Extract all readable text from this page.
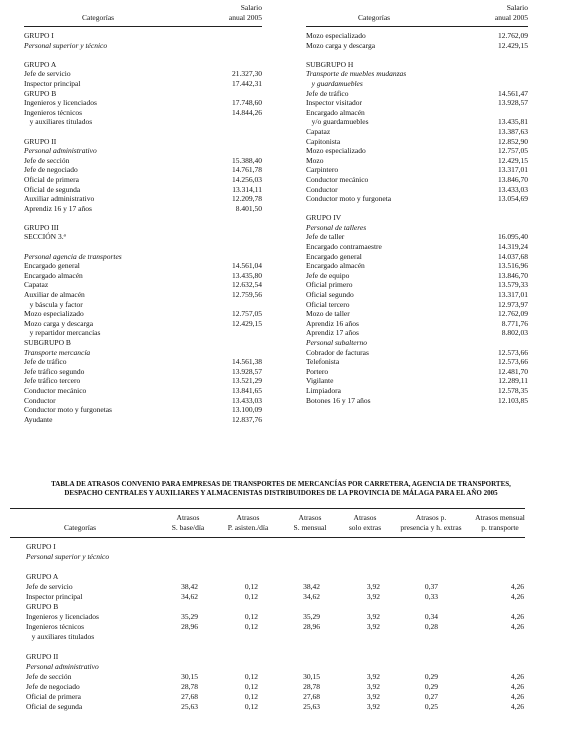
Categorías
Salario
anual 2005
GRUPO I
Personal superior y técnico
GRUPO A
Jefe de servicio	21.327,30
Inspector principal	17.442,31
GRUPO B
Ingenieros y licenciados	17.748,60
Ingenieros técnicos	14.844,26
y auxiliares titulados
GRUPO II
Personal administrativo
Jefe de sección	15.388,40
Jefe de negociado	14.761,78
Oficial de primera	14.256,03
Oficial de segunda	13.314,11
Auxiliar administrativo	12.209,78
Aprendiz 16 y 17 años	8.401,50
GRUPO III
SECCIÓN 3.ª
Personal agencia de transportes
Encargado general	14.561,04
Encargado almacén	13.435,80
Capataz	12.632,54
Auxiliar de almacén	12.759,56
y báscula y factor
Mozo especializado	12.757,05
Mozo carga y descarga	12.429,15
y repartidor mercancías
SUBGRUPO B
Transporte mercancía
Jefe de tráfico	14.561,38
Jefe tráfico segundo	13.928,57
Jefe tráfico tercero	13.521,29
Conductor mecánico	13.841,65
Conductor	13.433,03
Conductor moto y furgonetas	13.100,09
Ayudante	12.837,76
Categorías
Salario
anual 2005
Mozo especializado	12.762,09
Mozo carga y descarga	12.429,15
SUBGRUPO H
Transporte de muebles mudanzas
y guardamuebles
Jefe de tráfico	14.561,47
Inspector visitador	13.928,57
Encargado almacén
y/o guardamuebles	13.435,81
Capataz	13.387,63
Capitonista	12.852,90
Mozo especializado	12.757,05
Mozo	12.429,15
Carpintero	13.317,01
Conductor mecánico	13.846,70
Conductor	13.433,03
Conductor moto y furgoneta	13.054,69
GRUPO IV
Personal de talleres
Jefe de taller	16.095,40
Encargado contramaestre	14.319,24
Encargado general	14.037,68
Encargado almacén	13.516,96
Jefe de equipo	13.846,70
Oficial primero	13.579,33
Oficial segundo	13.317,01
Oficial tercero	12.973,97
Mozo de taller	12.762,09
Aprendiz 16 años	8.771,76
Aprendiz 17 años	8.802,03
Personal subalterno
Cobrador de facturas	12.573,66
Telefonista	12.573,66
Portero	12.481,70
Vigilante	12.289,11
Limpiadora	12.578,35
Botones 16 y 17 años	12.103,85
TABLA DE ATRASOS CONVENIO PARA EMPRESAS DE TRANSPORTES DE MERCANCÍAS POR CARRETERA, AGENCIA DE TRANSPORTES,
DESPACHO CENTRALES Y AUXILIARES Y ALMACENISTAS DISTRIBUIDORES DE LA PROVINCIA DE MÁLAGA PARA EL AÑO 2005
Categorías
Atrasos
S. base/día
Atrasos
P. asisten./día
Atrasos
S. mensual
Atrasos
solo extras
Atrasos p.
presencia y h. extras
Atrasos mensual
p. transporte
GRUPO I
Personal superior y técnico
GRUPO A
Jefe de servicio	38,42	0,12	38,42	3,92	0,37	4,26
Inspector principal	34,62	0,12	34,62	3,92	0,33	4,26
GRUPO B
Ingenieros y licenciados	35,29	0,12	35,29	3,92	0,34	4,26
Ingenieros técnicos	28,96	0,12	28,96	3,92	0,28	4,26
y auxiliares titulados
GRUPO II
Personal administrativo
Jefe de sección	30,15	0,12	30,15	3,92	0,29	4,26
Jefe de negociado	28,78	0,12	28,78	3,92	0,29	4,26
Oficial de primera	27,68	0,12	27,68	3,92	0,27	4,26
Oficial de segunda	25,63	0,12	25,63	3,92	0,25	4,26
